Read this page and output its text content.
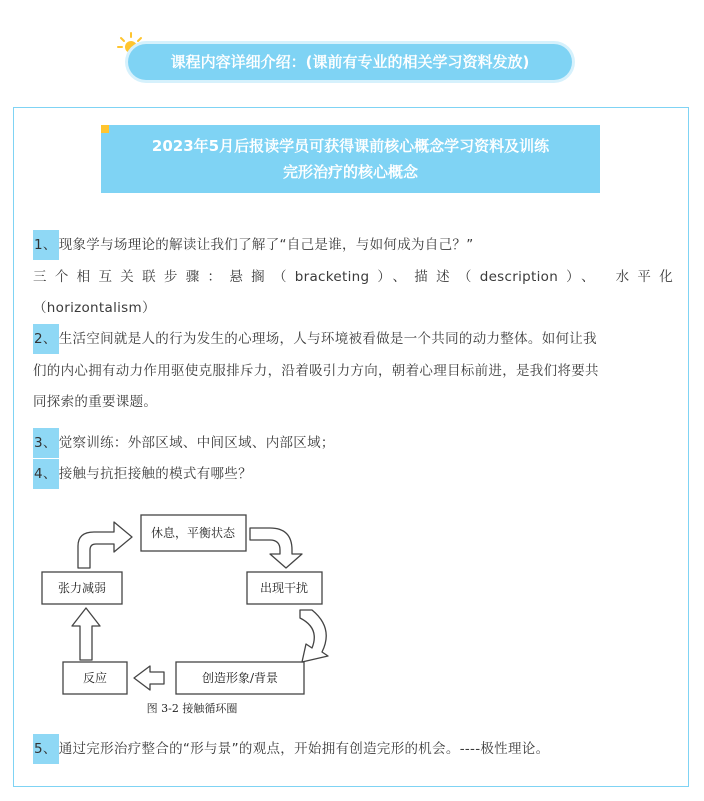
课程内容详细介绍：(课前有专业的相关学习资料发放)
2023年5月后报读学员可获得课前核心概念学习资料及训练
完形治疗的核心概念
1、 现象学与场理论的解读让我们了解了“自己是谁，与如何成为自己？”
三个相互关联步骤：悬搁（bracketing）、描述（description）、 水平化
（horizontalism）
2、 生活空间就是人的行为发生的心理场，人与环境被看做是一个共同的动力整体。如何让我
们的内心拥有动力作用驱使克服排斥力，沿着吸引力方向，朝着心理目标前进，是我们将要共
同探索的重要课题。
3、 觉察训练：外部区域、中间区域、内部区域；
4、 接触与抗拒接触的模式有哪些？
休息，平衡状态
出现干扰
创造形象/背景
反应
张力减弱
图 3-2 接触循环圈
5、 通过完形治疗整合的“形与景”的观点，开始拥有创造完形的机会。----极性理论。
